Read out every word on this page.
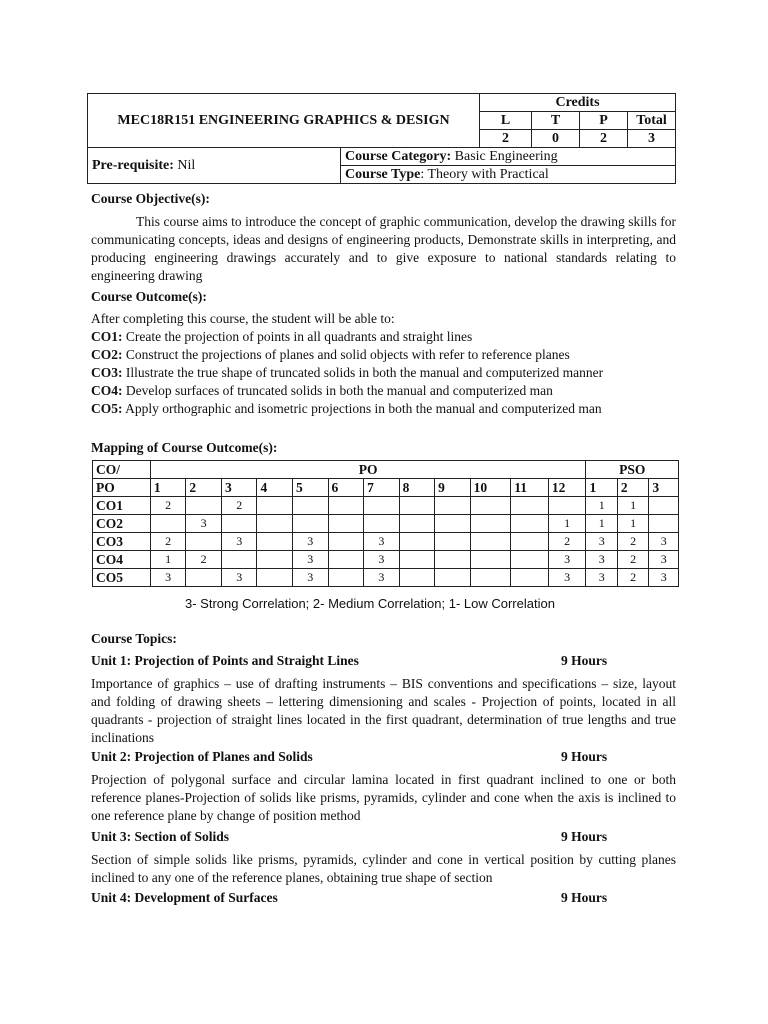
MEC18R151 ENGINEERING GRAPHICS & DESIGN		Credits			
		L	T	P	Total
		2	0	2	3
Pre-requisite: Nil	Course Category: Basic Engineering				
	Course Type: Theory with Practical				
Course Objective(s):
This course aims to introduce the concept of graphic communication, develop the drawing skills for communicating concepts, ideas and designs of engineering products, Demonstrate skills in interpreting, and producing engineering drawings accurately and to give exposure to national standards relating to engineering drawing
Course Outcome(s):
After completing this course, the student will be able to:
CO1: Create the projection of points in all quadrants and straight lines
CO2: Construct the projections of planes and solid objects with refer to reference planes
CO3: Illustrate the true shape of truncated solids in both the manual and computerized manner
CO4: Develop surfaces of truncated solids in both the manual and computerized man
CO5: Apply orthographic and isometric projections in both the manual and computerized man
Mapping of Course Outcome(s):
CO/	PO												PSO		
PO	1	2	3	4	5	6	7	8	9	10	11	12	1	2	3
CO1	2		2										1	1	
CO2		3										1	1	1	
CO3	2		3		3		3					2	3	2	3
CO4	1	2			3		3					3	3	2	3
CO5	3		3		3		3					3	3	2	3
3- Strong Correlation; 2- Medium Correlation; 1- Low Correlation
Course Topics:
Unit 1: Projection of Points and Straight Lines	9 Hours
Importance of graphics – use of drafting instruments – BIS conventions and specifications – size, layout and folding of drawing sheets – lettering dimensioning and scales - Projection of points, located in all quadrants - projection of straight lines located in the first quadrant, determination of true lengths and true inclinations
Unit 2: Projection of Planes and Solids	9 Hours
Projection of polygonal surface and circular lamina located in first quadrant inclined to one or both reference planes-Projection of solids like prisms, pyramids, cylinder and cone when the axis is inclined to one reference plane by change of position method
Unit 3: Section of Solids	9 Hours
Section of simple solids like prisms, pyramids, cylinder and cone in vertical position by cutting planes inclined to any one of the reference planes, obtaining true shape of section
Unit 4: Development of Surfaces	9 Hours
